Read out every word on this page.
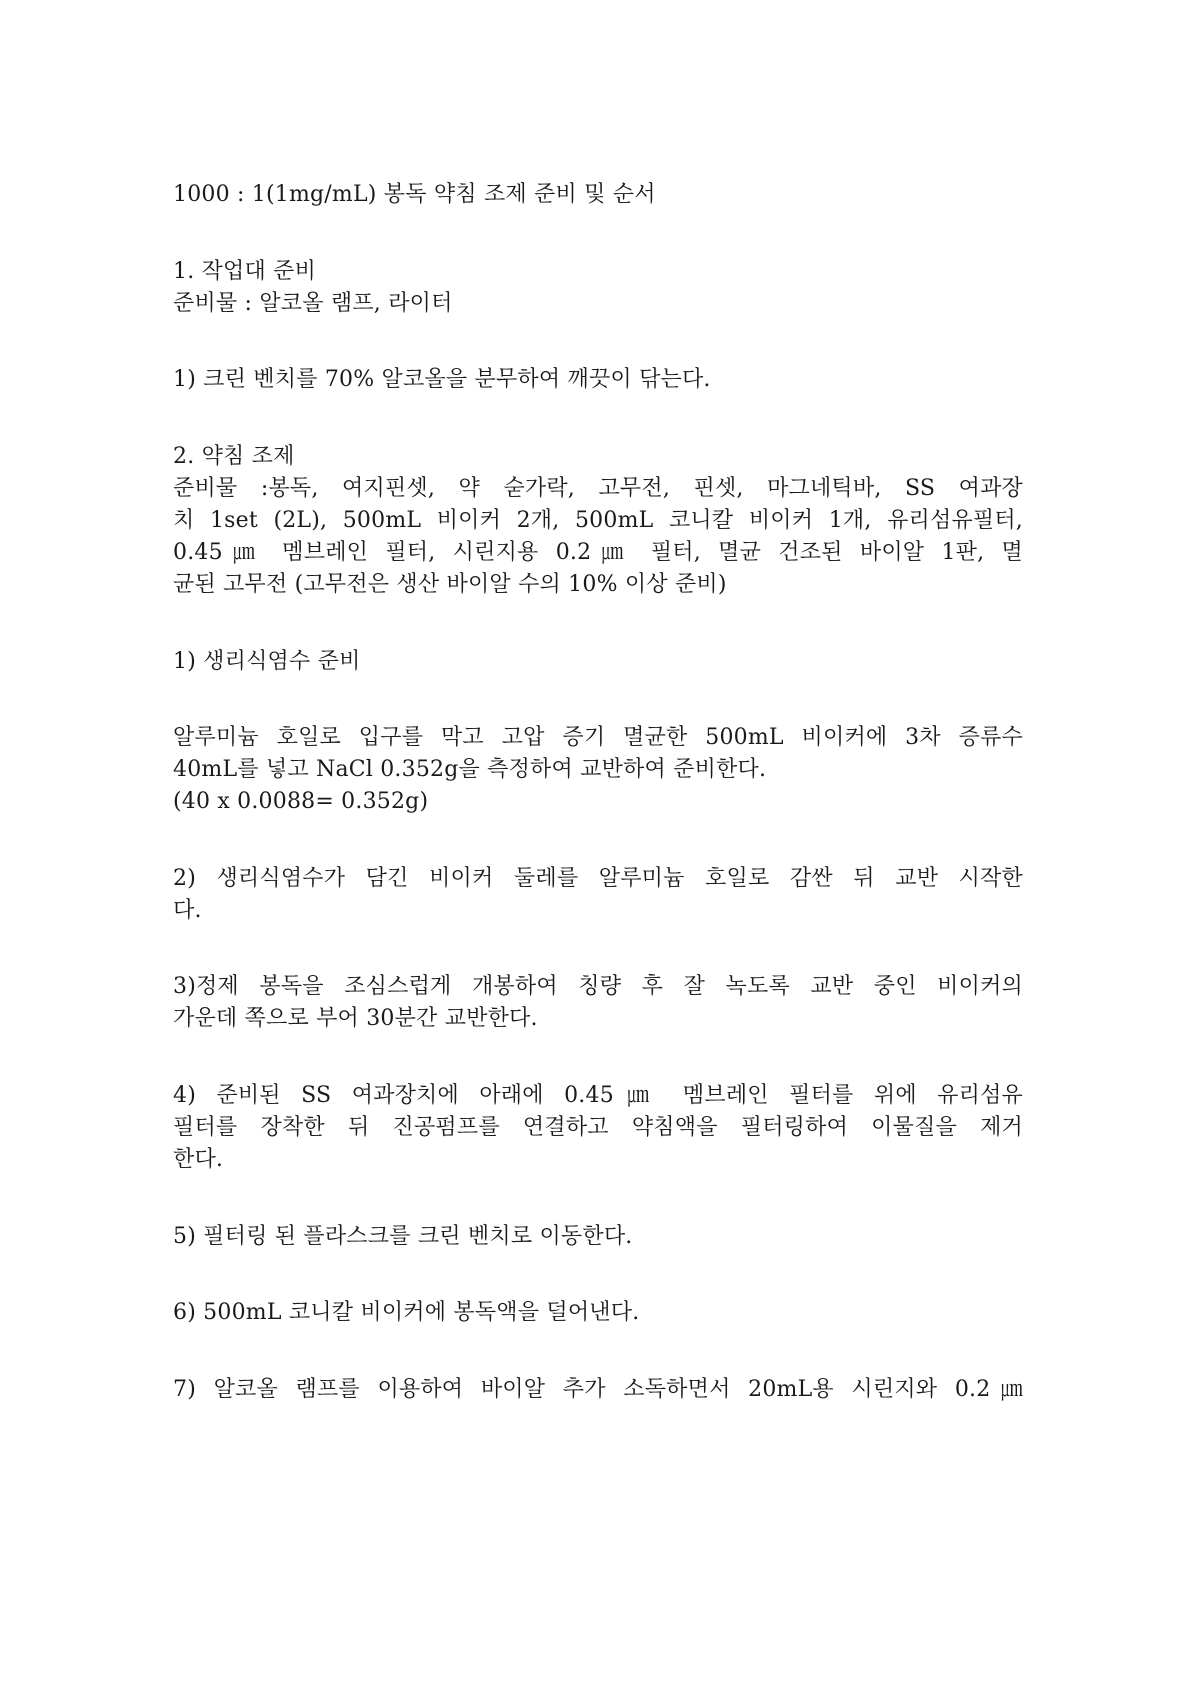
1000 : 1(1mg/mL) 봉독 약침 조제 준비 및 순서
1. 작업대 준비
준비물 : 알코올 램프, 라이터
1) 크린 벤치를 70% 알코올을 분무하여 깨끗이 닦는다.
2. 약침 조제
준비물 :봉독, 여지핀셋, 약 숟가락, 고무전, 핀셋, 마그네틱바, SS 여과장
치 1set (2L), 500mL 비이커 2개, 500mL 코니칼 비이커 1개, 유리섬유필터,
0.45㎛ 멤브레인 필터, 시린지용 0.2㎛ 필터, 멸균 건조된 바이알 1판, 멸
균된 고무전 (고무전은 생산 바이알 수의 10% 이상 준비)
1) 생리식염수 준비
알루미늄 호일로 입구를 막고 고압 증기 멸균한 500mL 비이커에 3차 증류수
40mL를 넣고 NaCl 0.352g을 측정하여 교반하여 준비한다.
(40 x 0.0088= 0.352g)
2) 생리식염수가 담긴 비이커 둘레를 알루미늄 호일로 감싼 뒤 교반 시작한
다.
3)정제 봉독을 조심스럽게 개봉하여 칭량 후 잘 녹도록 교반 중인 비이커의
가운데 쪽으로 부어 30분간 교반한다.
4) 준비된 SS 여과장치에 아래에 0.45㎛ 멤브레인 필터를 위에 유리섬유
필터를 장착한 뒤 진공펌프를 연결하고 약침액을 필터링하여 이물질을 제거
한다.
5) 필터링 된 플라스크를 크린 벤치로 이동한다.
6) 500mL 코니칼 비이커에 봉독액을 덜어낸다.
7) 알코올 램프를 이용하여 바이알 추가 소독하면서 20mL용 시린지와 0.2㎛
